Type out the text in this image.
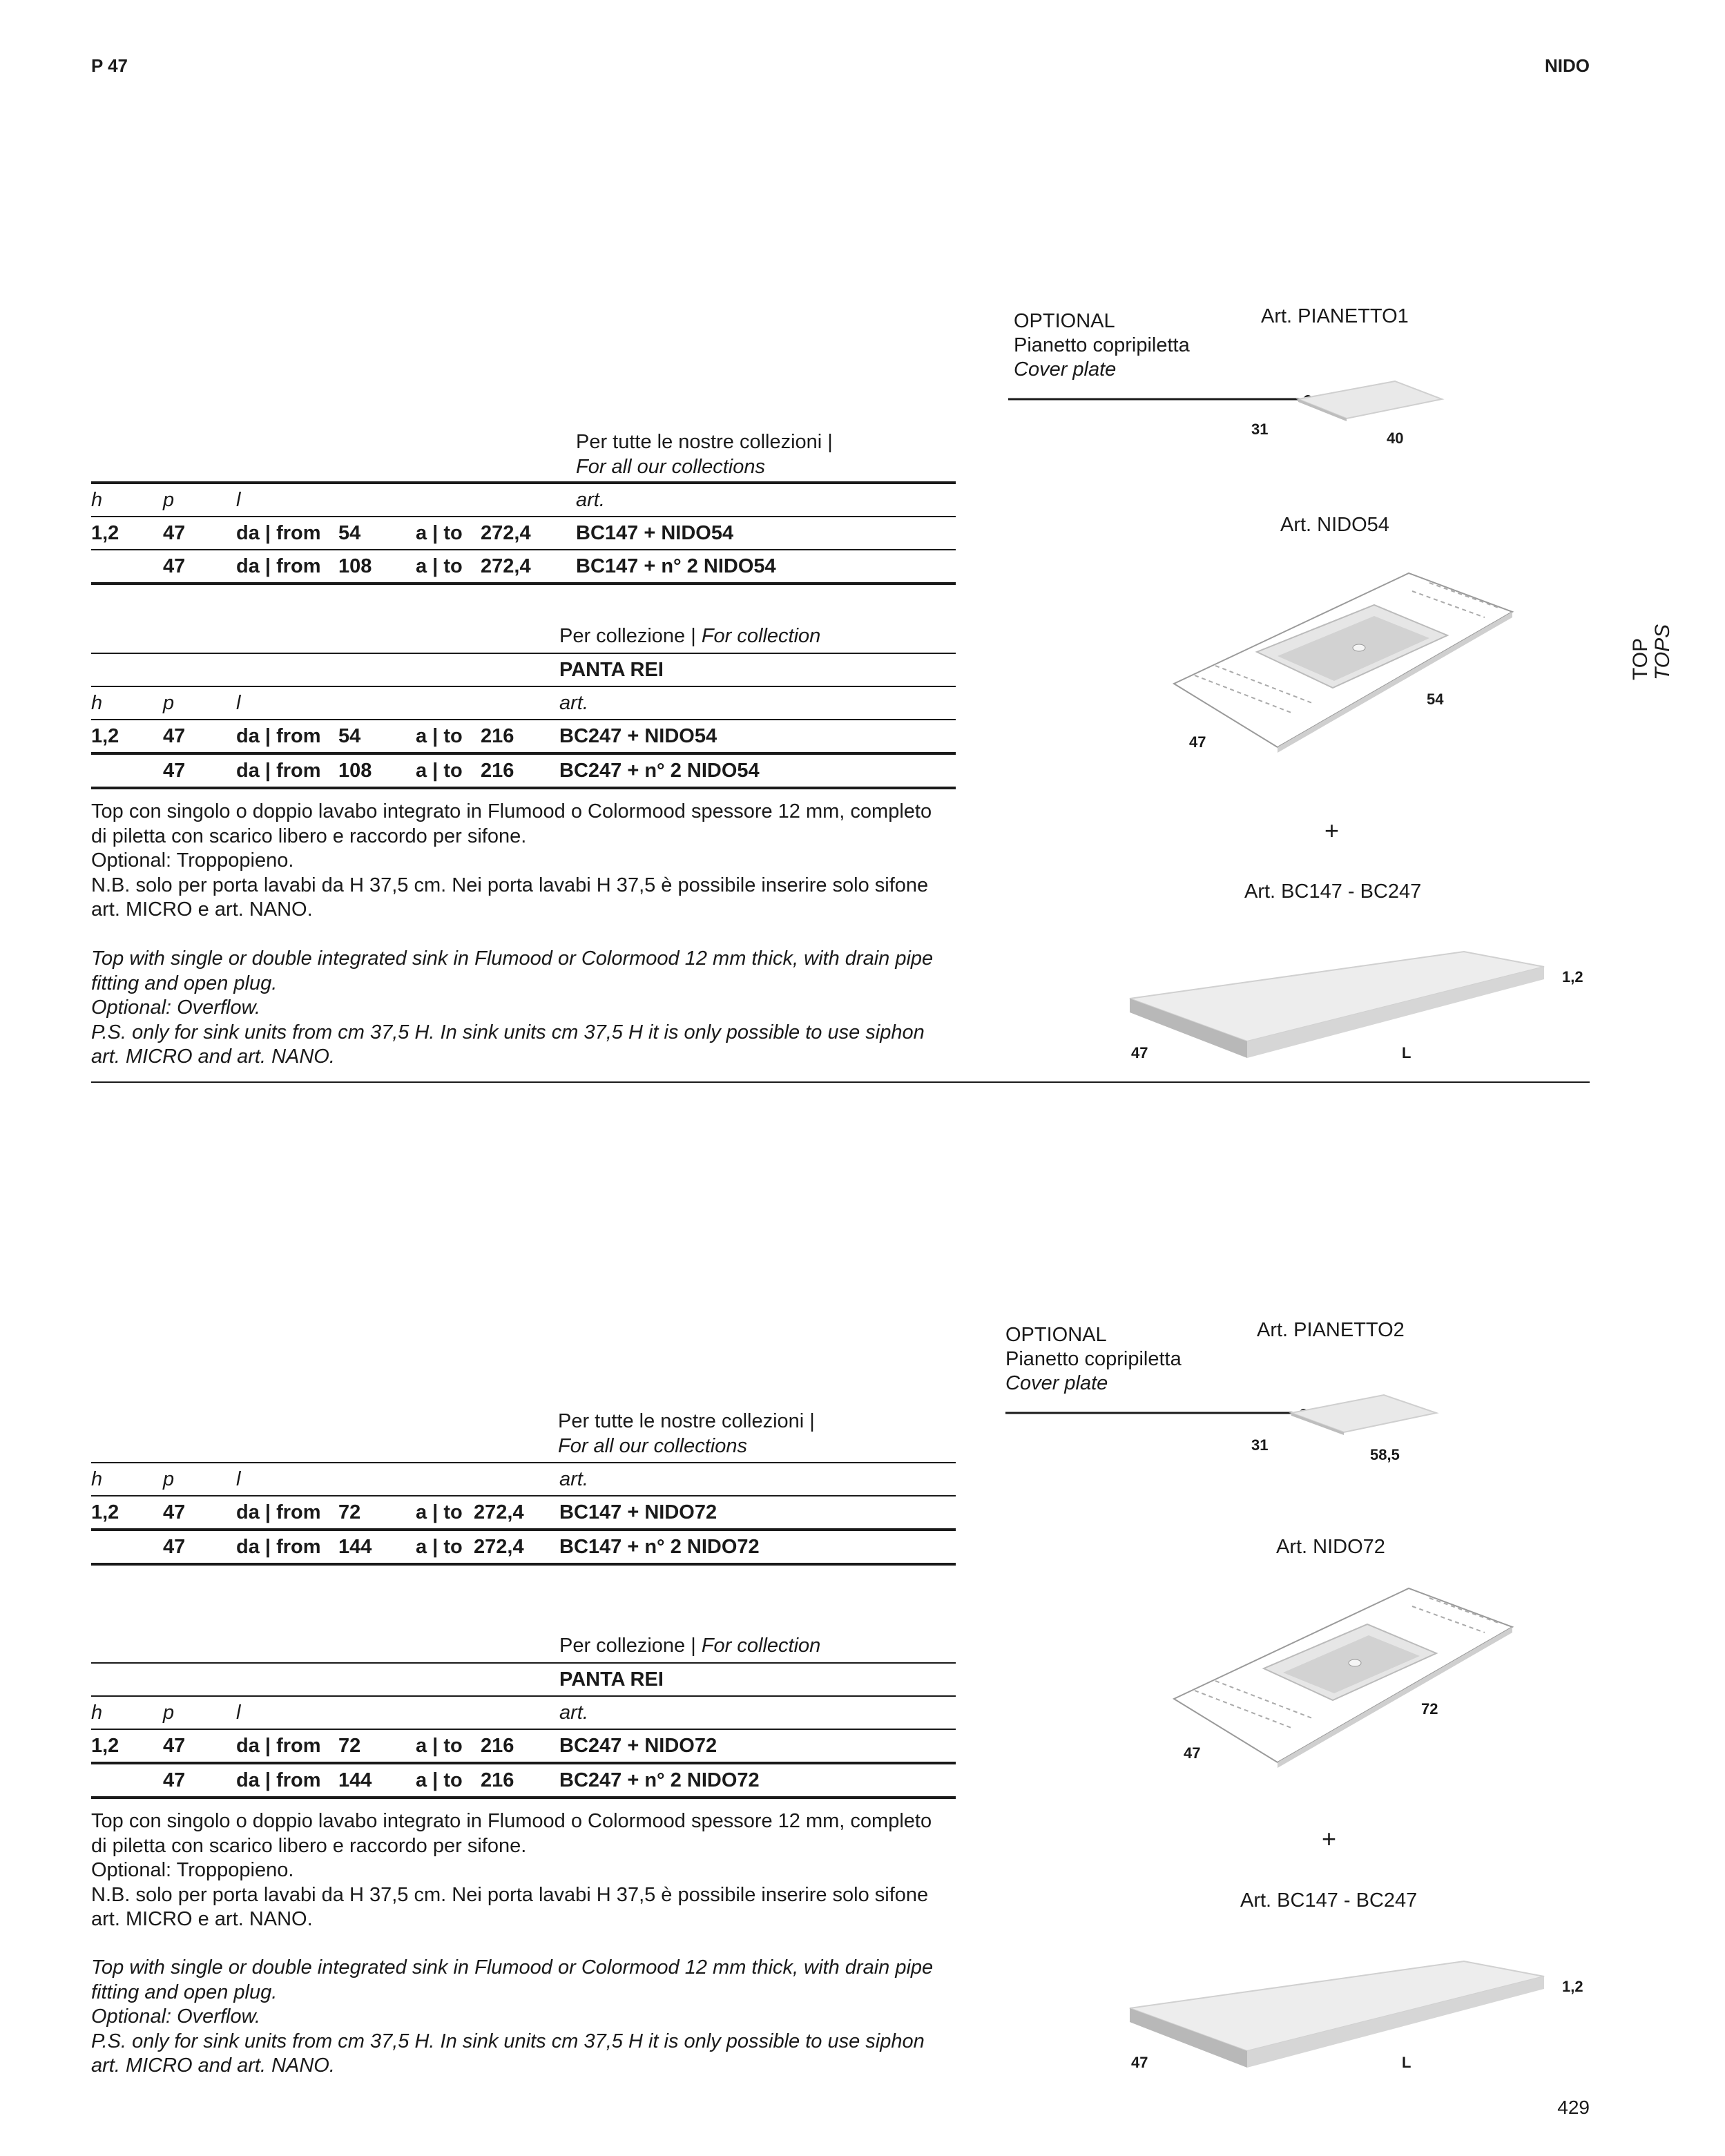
P 47	NIDO
TOP TOPS
Per tutte le nostre collezioni |
For all our collections
h	p	l				art.
1,2	47	da | from	54	a | to	272,4	BC147 + NIDO54
	47	da | from	108	a | to	272,4	BC147 + n° 2 NIDO54
Per collezione | For collection
						PANTA REI
h	p	l				art.
1,2	47	da | from	54	a | to	216	BC247 + NIDO54
	47	da | from	108	a | to	216	BC247 + n° 2 NIDO54

Top con singolo o doppio lavabo integrato in Flumood o Colormood spessore 12 mm, completo

di piletta con scarico libero e raccordo per sifone.

Optional: Troppopieno.

N.B. solo per porta lavabi da H 37,5 cm. Nei porta lavabi H 37,5 è possibile inserire solo sifone

art. MICRO e art. NANO.

Top with single or double integrated sink in Flumood or Colormood 12 mm thick, with drain pipe

fitting and open plug.

Optional: Overflow.

P.S. only for sink units from cm 37,5 H. In sink units cm 37,5 H it is only possible to use siphon

art. MICRO and art. NANO.

OPTIONAL
Pianetto copripiletta
Cover plate
Art. PIANETTO1
31
40
Art. NIDO54
47
54
+
Art. BC147 - BC247
1,2
47	L
Per tutte le nostre collezioni |
For all our collections
h	p	l				art.
1,2	47	da | from	72	a | to	272,4	BC147 + NIDO72
	47	da | from	144	a | to	272,4	BC147 + n° 2 NIDO72
Per collezione | For collection
						PANTA REI
h	p	l				art.
1,2	47	da | from	72	a | to	216	BC247 + NIDO72
	47	da | from	144	a | to	216	BC247 + n° 2 NIDO72

Top con singolo o doppio lavabo integrato in Flumood o Colormood spessore 12 mm, completo

di piletta con scarico libero e raccordo per sifone.

Optional: Troppopieno.

N.B. solo per porta lavabi da H 37,5 cm. Nei porta lavabi H 37,5 è possibile inserire solo sifone

art. MICRO e art. NANO.

Top with single or double integrated sink in Flumood or Colormood 12 mm thick, with drain pipe

fitting and open plug.

Optional: Overflow.

P.S. only for sink units from cm 37,5 H. In sink units cm 37,5 H it is only possible to use siphon

art. MICRO and art. NANO.

OPTIONAL
Pianetto copripiletta
Cover plate
Art. PIANETTO2
31
58,5
Art. NIDO72
47
72
+
Art. BC147 - BC247
1,2
47	L
429
